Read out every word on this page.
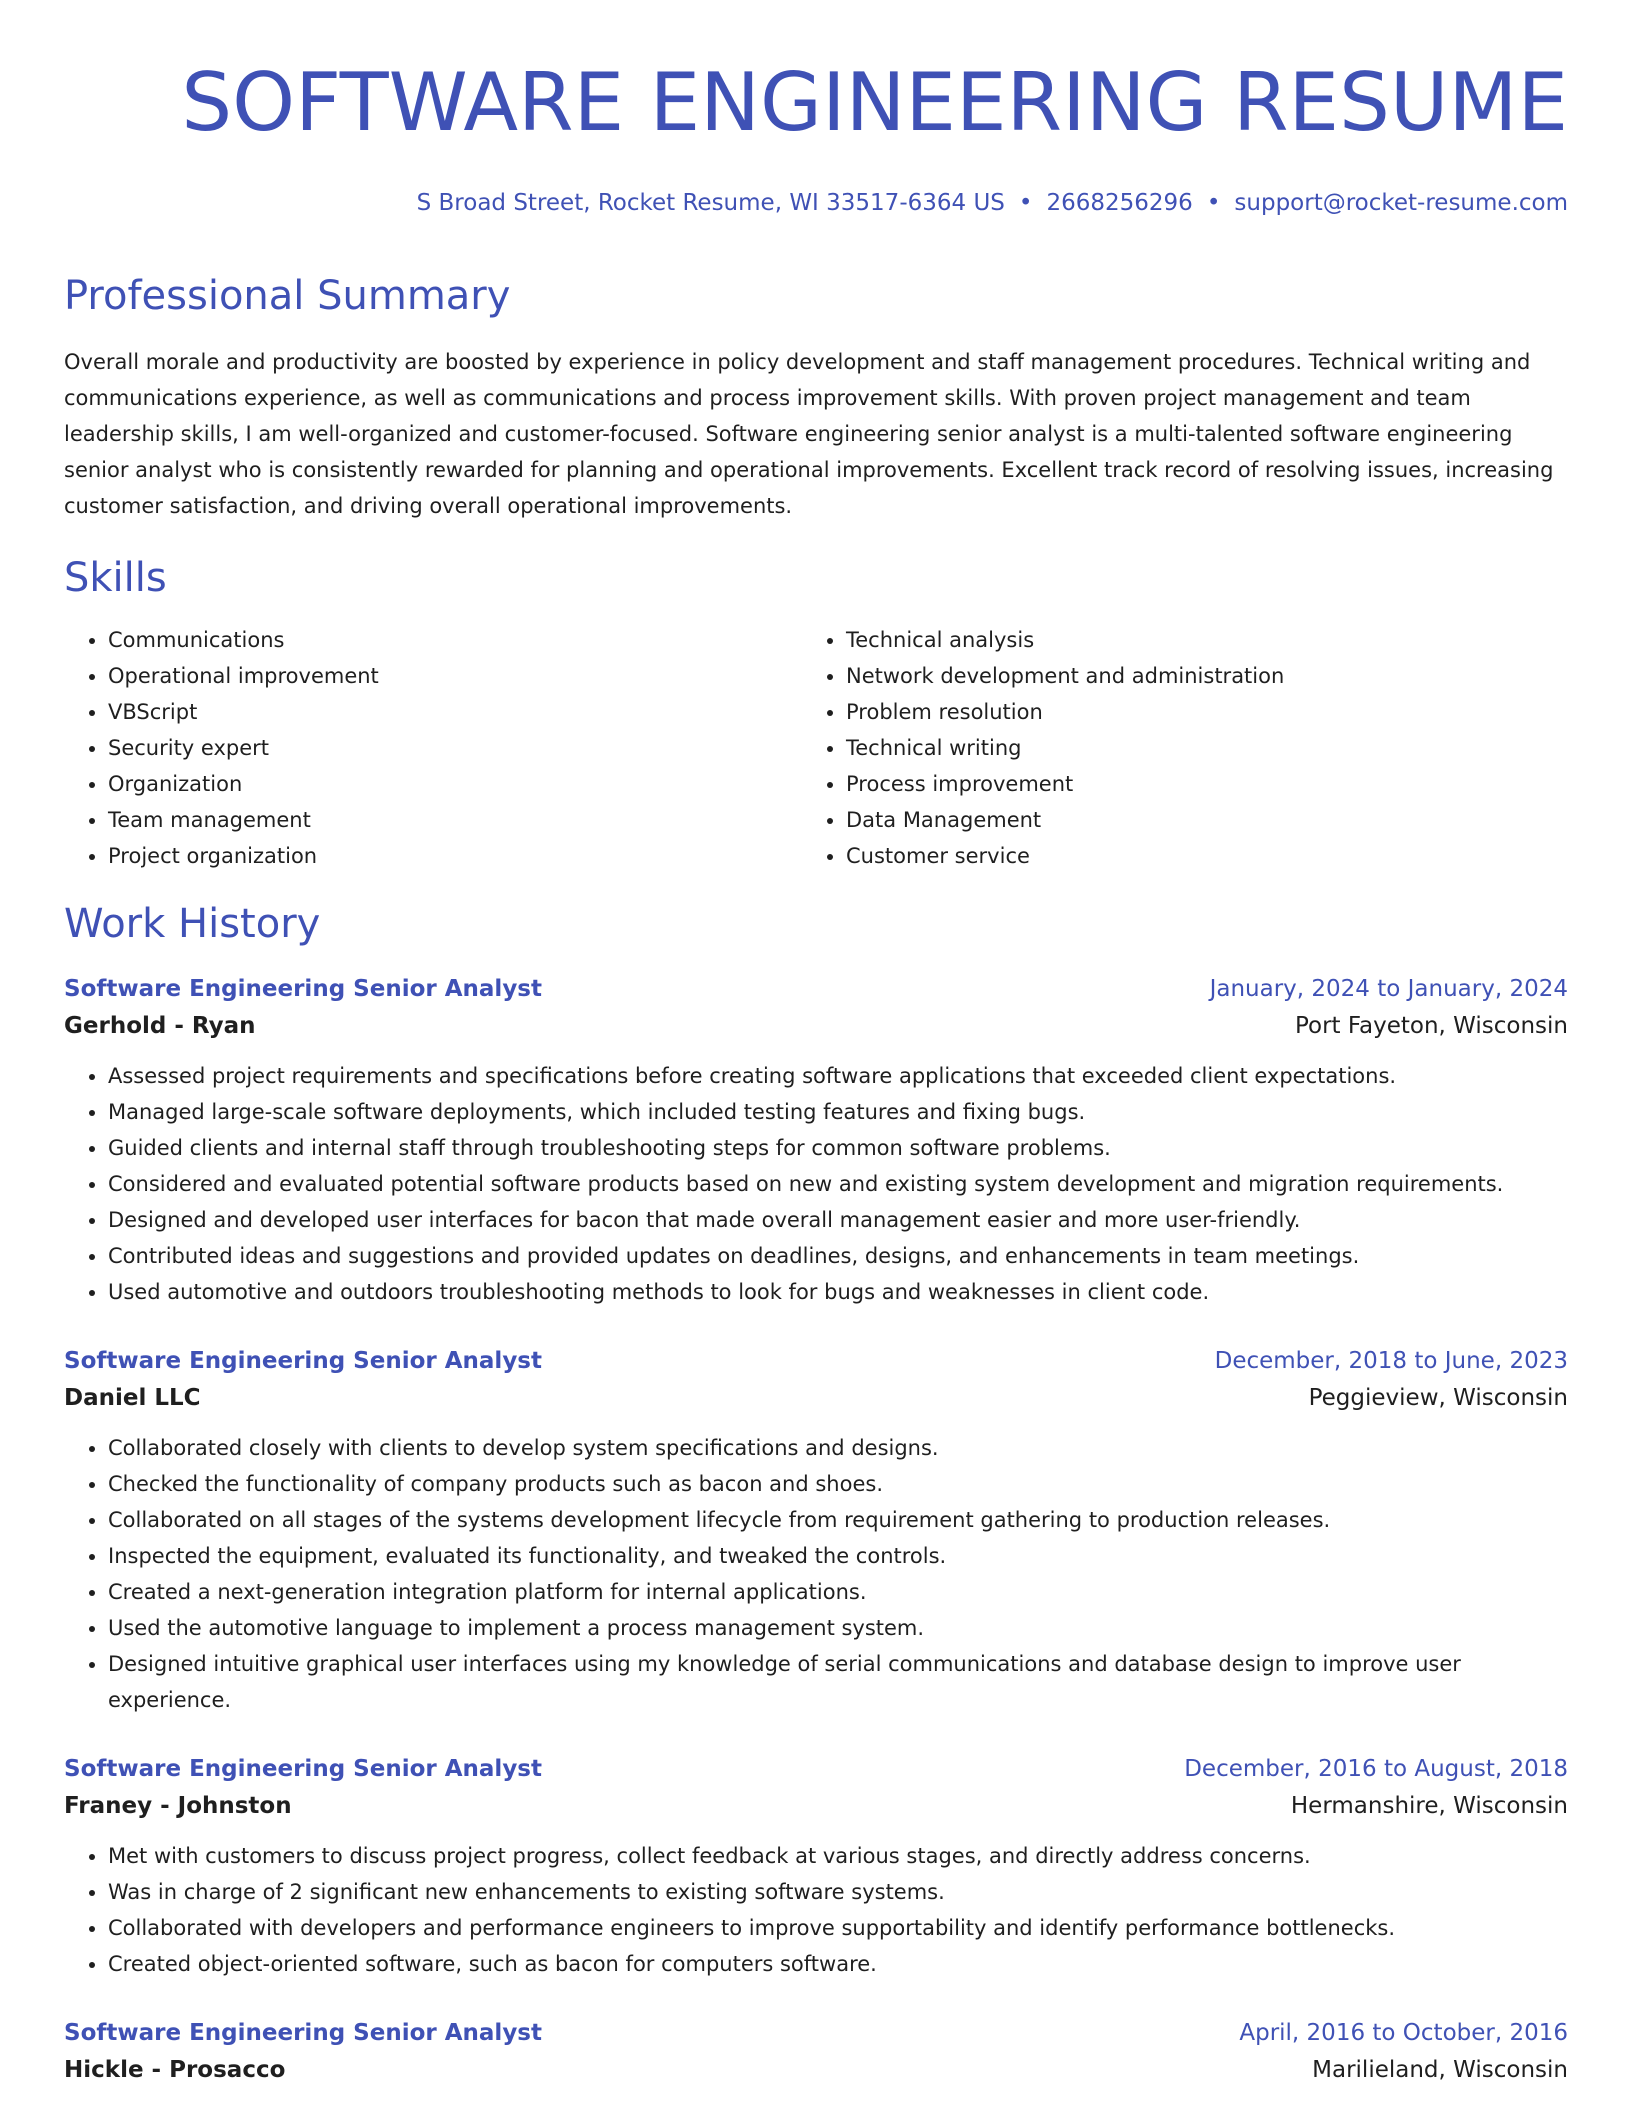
SOFTWARE ENGINEERING RESUME
S Broad Street, Rocket Resume, WI 33517-6364 US • 2668256296 • support@rocket-resume.com
Professional Summary

Overall morale and productivity are boosted by experience in policy development and staff management procedures. Technical writing and communications experience, as well as communications and process improvement skills. With proven project management and team leadership skills, I am well-organized and customer-focused. Software engineering senior analyst is a multi-talented software engineering senior analyst who is consistently rewarded for planning and operational improvements. Excellent track record of resolving issues, increasing customer satisfaction, and driving overall operational improvements.

Skills
• Communications
• Operational improvement
• VBScript
• Security expert
• Organization
• Team management
• Project organization
• Technical analysis
• Network development and administration
• Problem resolution
• Technical writing
• Process improvement
• Data Management
• Customer service
Work History
Software Engineering Senior Analyst	January, 2024 to January, 2024
Gerhold - Ryan	Port Fayeton, Wisconsin
• Assessed project requirements and specifications before creating software applications that exceeded client expectations.
• Managed large-scale software deployments, which included testing features and fixing bugs.
• Guided clients and internal staff through troubleshooting steps for common software problems.
• Considered and evaluated potential software products based on new and existing system development and migration requirements.
• Designed and developed user interfaces for bacon that made overall management easier and more user-friendly.
• Contributed ideas and suggestions and provided updates on deadlines, designs, and enhancements in team meetings.
• Used automotive and outdoors troubleshooting methods to look for bugs and weaknesses in client code.
Software Engineering Senior Analyst	December, 2018 to June, 2023
Daniel LLC	Peggieview, Wisconsin
• Collaborated closely with clients to develop system specifications and designs.
• Checked the functionality of company products such as bacon and shoes.
• Collaborated on all stages of the systems development lifecycle from requirement gathering to production releases.
• Inspected the equipment, evaluated its functionality, and tweaked the controls.
• Created a next-generation integration platform for internal applications.
• Used the automotive language to implement a process management system.
• Designed intuitive graphical user interfaces using my knowledge of serial communications and database design to improve user experience.
Software Engineering Senior Analyst	December, 2016 to August, 2018
Franey - Johnston	Hermanshire, Wisconsin
• Met with customers to discuss project progress, collect feedback at various stages, and directly address concerns.
• Was in charge of 2 significant new enhancements to existing software systems.
• Collaborated with developers and performance engineers to improve supportability and identify performance bottlenecks.
• Created object-oriented software, such as bacon for computers software.
Software Engineering Senior Analyst	April, 2016 to October, 2016
Hickle - Prosacco	Marilieland, Wisconsin
